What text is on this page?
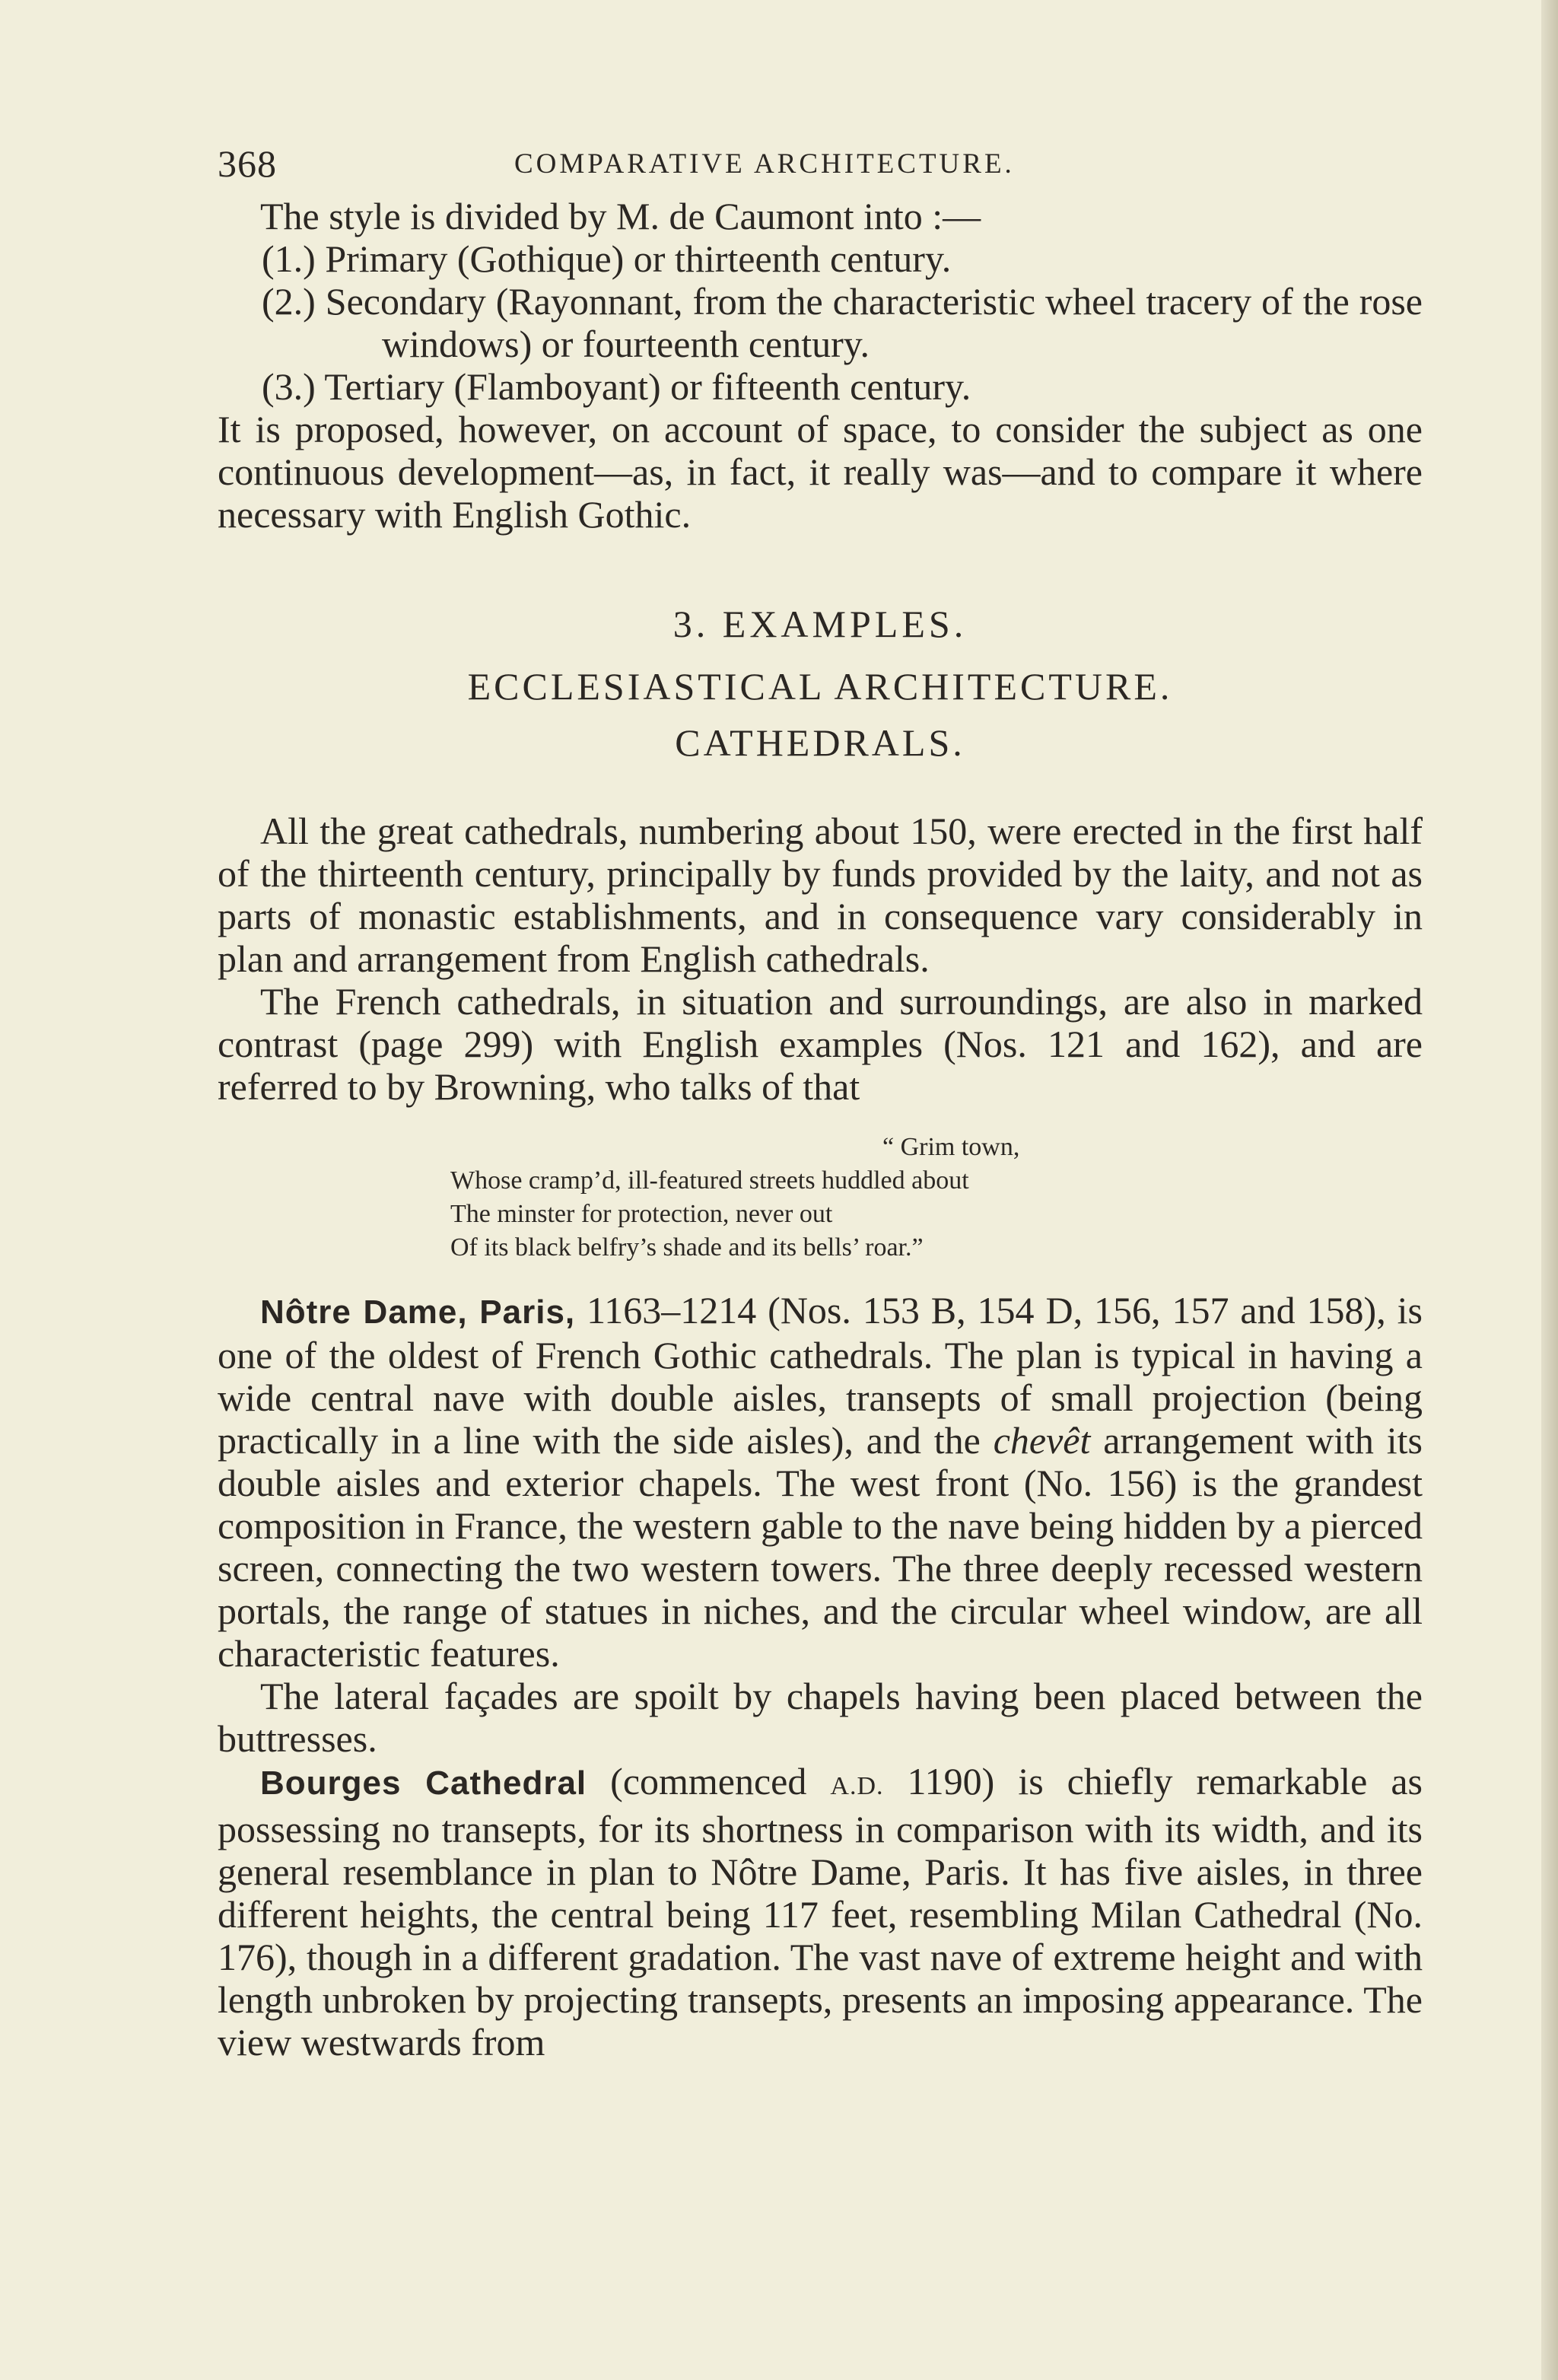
368	COMPARATIVE ARCHITECTURE.

The style is divided by M. de Caumont into :—

(1.) Primary (Gothique) or thirteenth century.

(2.) Secondary (Rayonnant, from the characteristic wheel tracery of the rose windows) or fourteenth century.

(3.) Tertiary (Flamboyant) or fifteenth century.

It is proposed, however, on account of space, to consider the subject as one continuous development—as, in fact, it really was—and to compare it where necessary with English Gothic.

3. EXAMPLES.
ECCLESIASTICAL ARCHITECTURE.
CATHEDRALS.

All the great cathedrals, numbering about 150, were erected in the first half of the thirteenth century, principally by funds provided by the laity, and not as parts of monastic establishments, and in consequence vary considerably in plan and arrangement from English cathedrals.

The French cathedrals, in situation and surroundings, are also in marked contrast (page 299) with English examples (Nos. 121 and 162), and are referred to by Browning, who talks of that

“ Grim town,
Whose cramp’d, ill-featured streets huddled about
The minster for protection, never out
Of its black belfry’s shade and its bells’ roar.”

Nôtre Dame, Paris, 1163–1214 (Nos. 153 B, 154 D, 156, 157 and 158), is one of the oldest of French Gothic cathedrals. The plan is typical in having a wide central nave with double aisles, transepts of small projection (being practically in a line with the side aisles), and the chevêt arrangement with its double aisles and exterior chapels. The west front (No. 156) is the grandest composition in France, the western gable to the nave being hidden by a pierced screen, connecting the two western towers. The three deeply recessed western portals, the range of statues in niches, and the circular wheel window, are all characteristic features.

The lateral façades are spoilt by chapels having been placed between the buttresses.

Bourges Cathedral (commenced A.D. 1190) is chiefly remarkable as possessing no transepts, for its shortness in comparison with its width, and its general resemblance in plan to Nôtre Dame, Paris. It has five aisles, in three different heights, the central being 117 feet, resembling Milan Cathedral (No. 176), though in a different gradation. The vast nave of extreme height and with length unbroken by projecting transepts, presents an imposing appearance. The view westwards from
